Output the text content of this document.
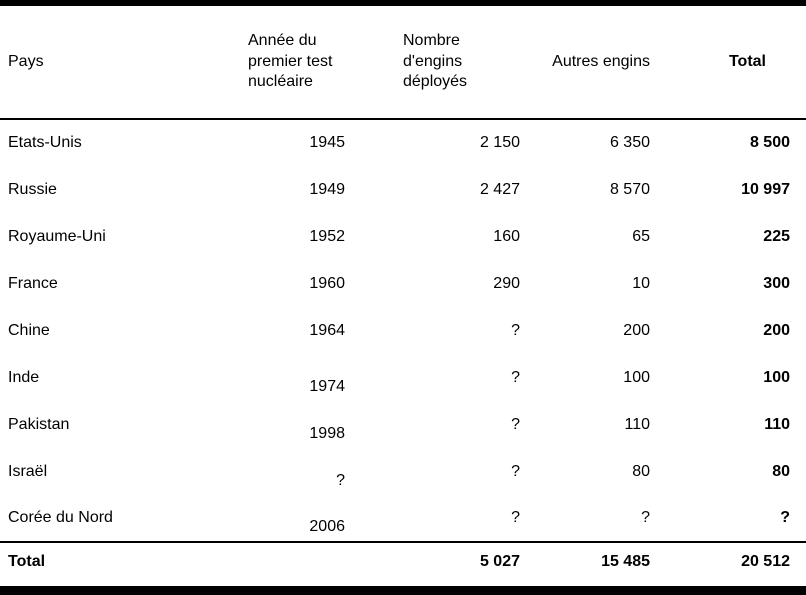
Pays	Année du premier test nucléaire	Nombre d'engins déployés	Autres engins	Total
Etats-Unis	1945	2 150	6 350	8 500
Russie	1949	2 427	8 570	10 997
Royaume-Uni	1952	160	65	225
France	1960	290	10	300
Chine	1964	?	200	200
Inde	1974	?	100	100
Pakistan	1998	?	110	110
Israël	?	?	80	80
Corée du Nord	2006	?	?	?
Total		5 027	15 485	20 512
